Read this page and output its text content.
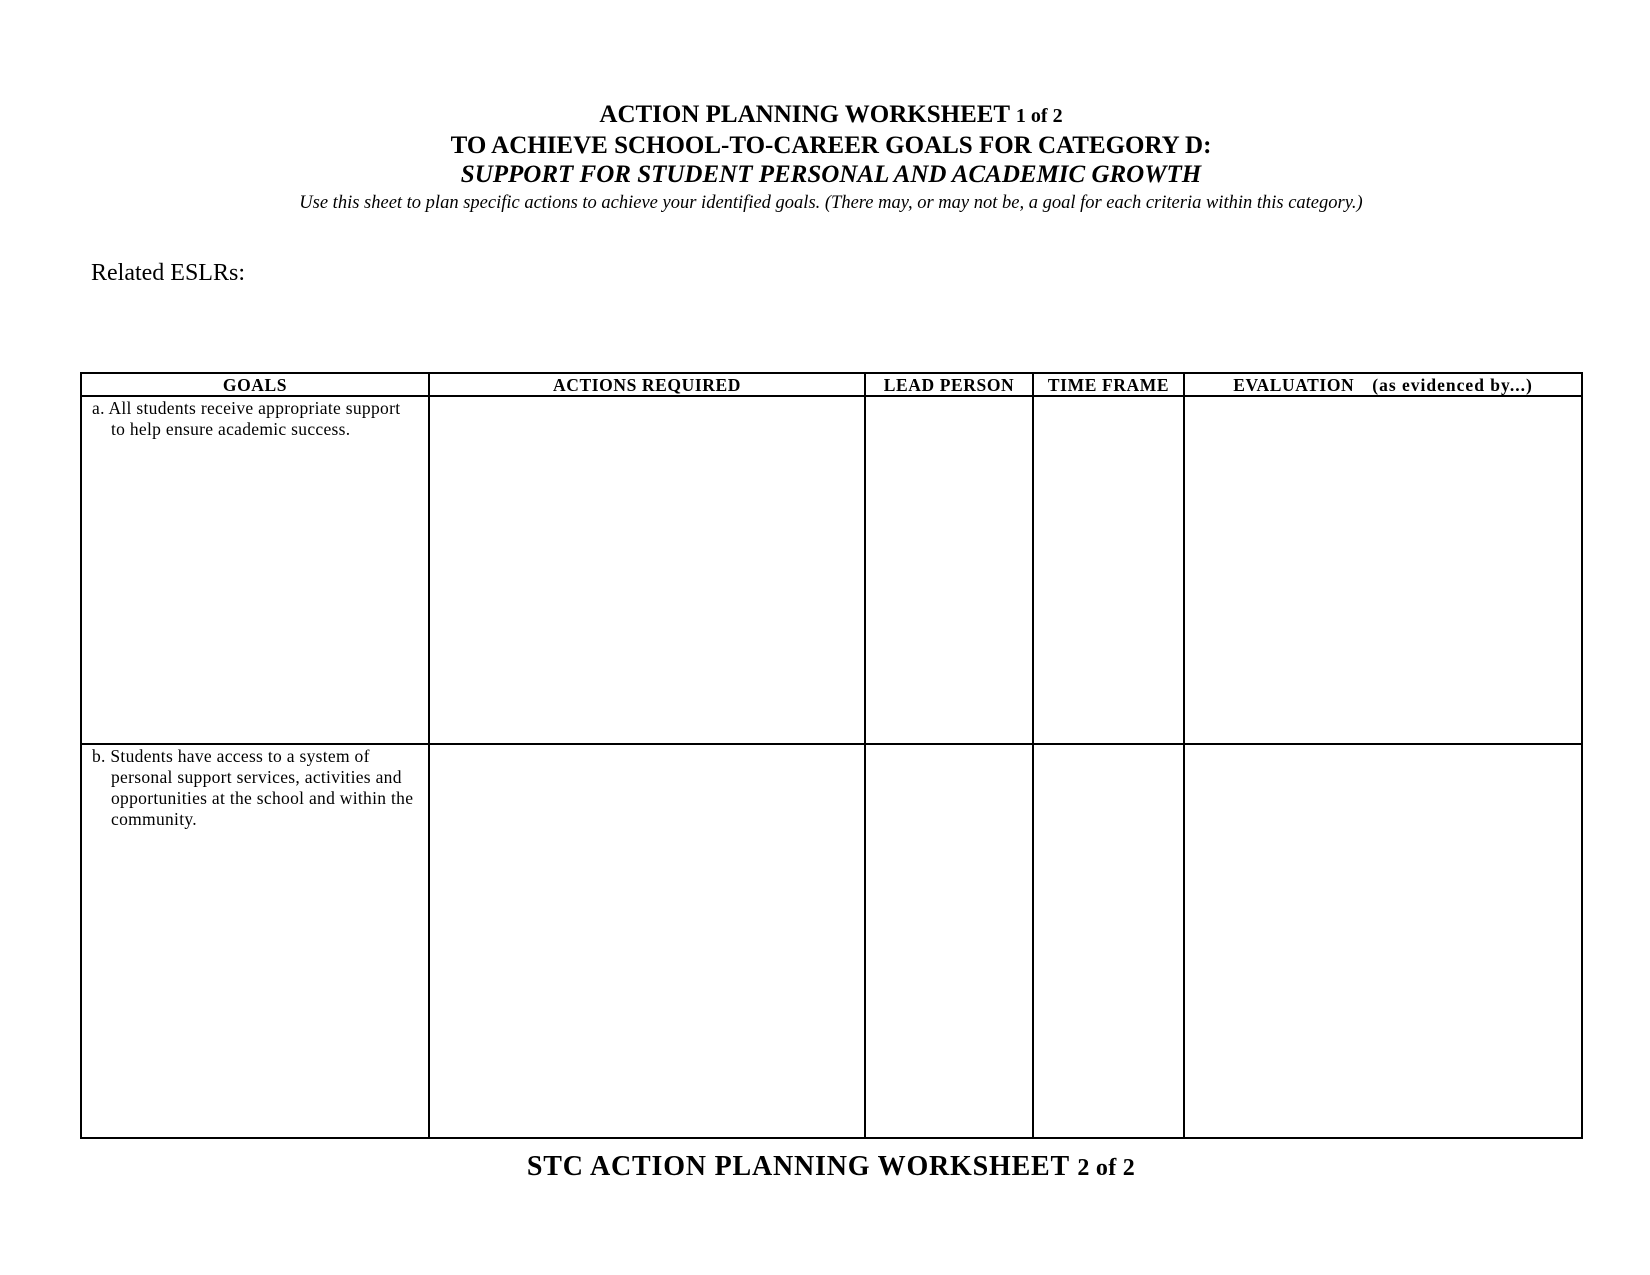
ACTION PLANNING WORKSHEET 1 of 2
TO ACHIEVE SCHOOL-TO-CAREER GOALS FOR CATEGORY D:
SUPPORT FOR STUDENT PERSONAL AND ACADEMIC GROWTH
Use this sheet to plan specific actions to achieve your identified goals. (There may, or may not be, a goal for each criteria within this category.)
Related ESLRs:
GOALS	ACTIONS REQUIRED	LEAD PERSON	TIME FRAME	EVALUATION (as evidenced by...)

a. All students receive appropriate support to help ensure academic success.				

b. Students have access to a system of personal support services, activities and opportunities at the school and within the community.				

STC ACTION PLANNING WORKSHEET 2 of 2
